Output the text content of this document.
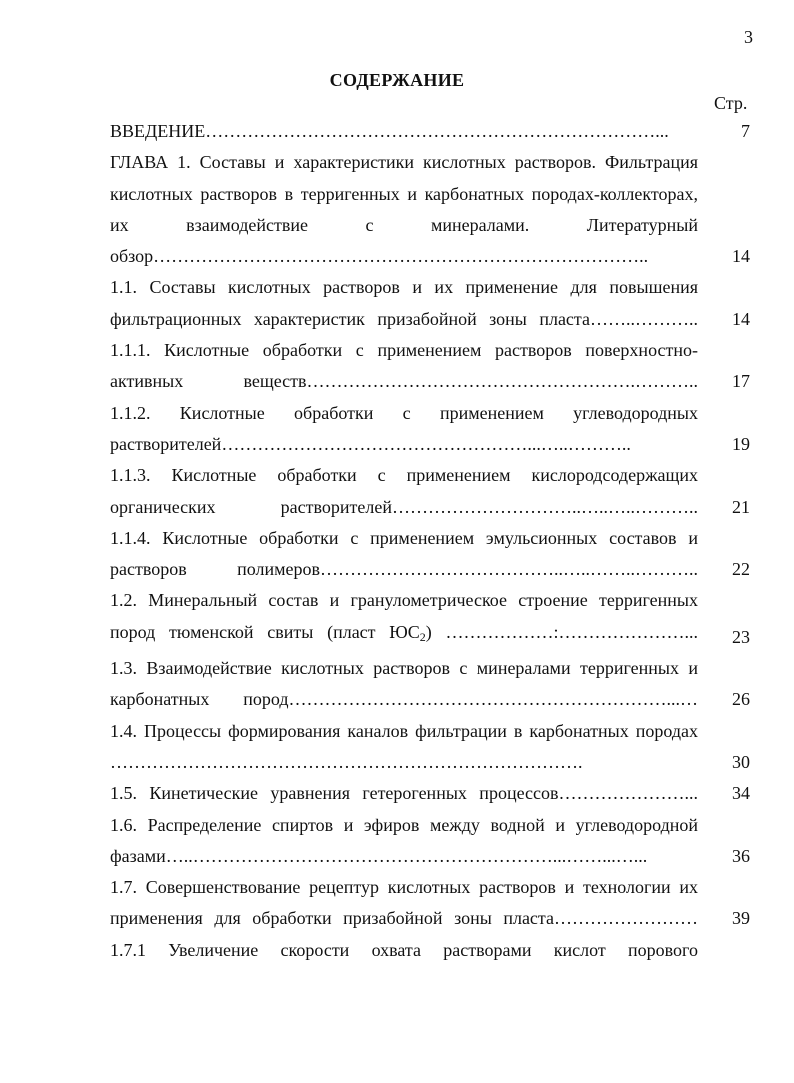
3
СОДЕРЖАНИЕ
Стр.
ВВЕДЕНИЕ…………………………………………………………………...	7
ГЛАВА 1. Составы и характеристики кислотных растворов. Фильтрация кислотных растворов в терригенных и карбонатных породах-коллекторах, их взаимодействие с минералами. Литературный обзор………………………………………………………………………..	14
1.1. Составы кислотных растворов и их применение для повышения фильтрационных характеристик призабойной зоны пласта……..………..	14
1.1.1. Кислотные обработки с применением растворов поверхностно-активных веществ……………………………………………….………..	17
1.1.2. Кислотные обработки с применением углеводородных растворителей……………………………………………...…..………..	19
1.1.3. Кислотные обработки с применением кислородсодержащих органических растворителей…………………………..…..…..………..	21
1.1.4. Кислотные обработки с применением эмульсионных составов и растворов полимеров…………………………………..…..……..………..	22
1.2. Минеральный состав и гранулометрическое строение терригенных пород тюменской свиты (пласт $ЮС_2$) ………………:…………………...	23
1.3. Взаимодействие кислотных растворов с минералами терригенных и карбонатных пород………………………………………………………...…	26
1.4. Процессы формирования каналов фильтрации в карбонатных породах …………………………………………………………………….	30
1.5. Кинетические уравнения гетерогенных процессов…………………...	34
1.6. Распределение спиртов и эфиров между водной и углеводородной фазами…..……………………………………………………...……...…...	36
1.7. Совершенствование рецептур кислотных растворов и технологии их применения для обработки призабойной зоны пласта……………………	39
1.7.1 Увеличение скорости охвата растворами кислот порового
